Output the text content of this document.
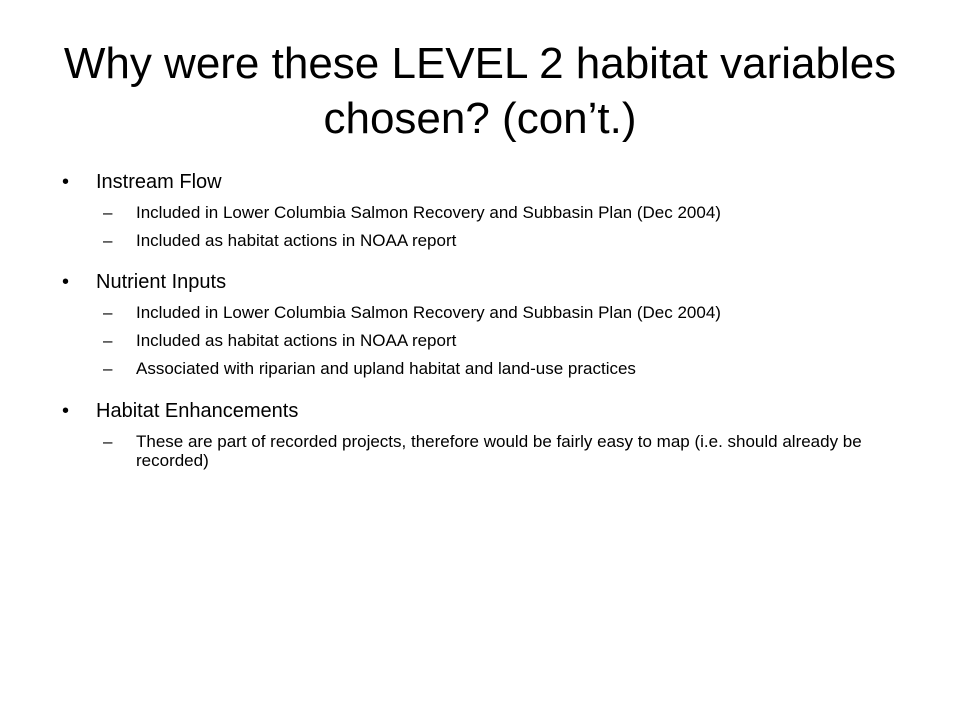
Why were these LEVEL 2 habitat variables chosen? (con’t.)
• Instream Flow
– Included in Lower Columbia Salmon Recovery and Subbasin Plan (Dec 2004)
– Included as habitat actions in NOAA report
• Nutrient Inputs
– Included in Lower Columbia Salmon Recovery and Subbasin Plan (Dec 2004)
– Included as habitat actions in NOAA report
– Associated with riparian and upland habitat and land-use practices
• Habitat Enhancements
– These are part of recorded projects, therefore would be fairly easy to map (i.e. should already be recorded)
